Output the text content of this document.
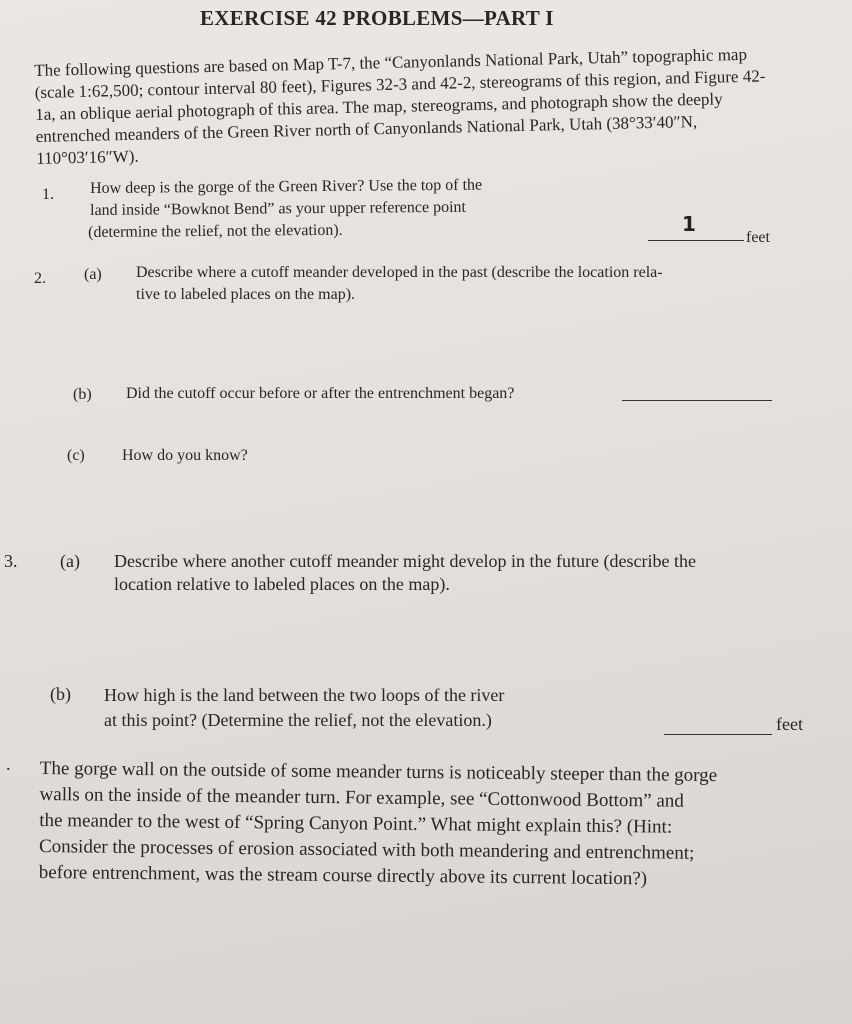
EXERCISE 42 PROBLEMS—PART I
The following questions are based on Map T-7, the “Canyonlands National Park, Utah” topographic map (scale 1:62,500; contour interval 80 feet), Figures 32-3 and 42-2, stereograms of this region, and Figure 42-1a, an oblique aerial photograph of this area. The map, stereograms, and photograph show the deeply entrenched meanders of the Green River north of Canyonlands National Park, Utah (38°33′40″N, 110°03′16″W).
1. How deep is the gorge of the Green River? Use the top of the
land inside “Bowknot Bend” as your upper reference point
(determine the relief, not the elevation).	1
feet
2. (a) Describe where a cutoff meander developed in the past (describe the location rela-
tive to labeled places on the map).
(b) Did the cutoff occur before or after the entrenchment began?
(c) How do you know?
3. (a) Describe where another cutoff meander might develop in the future (describe the
location relative to labeled places on the map).
(b) How high is the land between the two loops of the river
at this point? (Determine the relief, not the elevation.)	feet
. The gorge wall on the outside of some meander turns is noticeably steeper than the gorge
walls on the inside of the meander turn. For example, see “Cottonwood Bottom” and
the meander to the west of “Spring Canyon Point.” What might explain this? (Hint:
Consider the processes of erosion associated with both meandering and entrenchment;
before entrenchment, was the stream course directly above its current location?)
